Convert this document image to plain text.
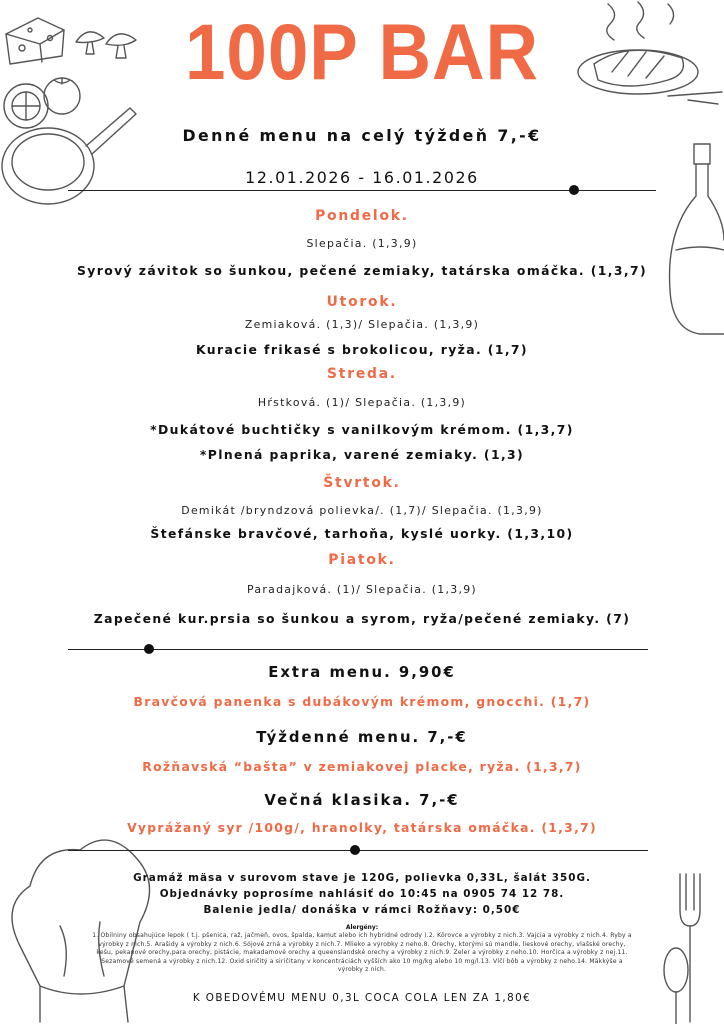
100P BAR
Denné menu na celý týždeň 7,-€
12.01.2026 - 16.01.2026
Pondelok.
Slepačia. (1,3,9)
Syrový závitok so šunkou, pečené zemiaky, tatárska omáčka. (1,3,7)
Utorok.
Zemiaková. (1,3)/ Slepačia. (1,3,9)
Kuracie frikasé s brokolicou, ryža. (1,7)
Streda.
Hŕstková. (1)/ Slepačia. (1,3,9)
*Dukátové buchtičky s vanilkovým krémom. (1,3,7)
*Plnená paprika, varené zemiaky. (1,3)
Štvrtok.
Demikát /bryndzová polievka/. (1,7)/ Slepačia. (1,3,9)
Štefánske bravčové, tarhoňa, kyslé uorky. (1,3,10)
Piatok.
Paradajková. (1)/ Slepačia. (1,3,9)
Zapečené kur.prsia so šunkou a syrom, ryža/pečené zemiaky. (7)
Extra menu. 9,90€
Bravčová panenka s dubákovým krémom, gnocchi. (1,7)
Týždenné menu. 7,-€
Rožňavská “bašta” v zemiakovej placke, ryža. (1,3,7)
Večná klasika. 7,-€
Vyprážaný syr /100g/, hranolky, tatárska omáčka. (1,3,7)
Gramáž mäsa v surovom stave je 120G, polievka 0,33L, šalát 350G.
Objednávky poprosíme nahlásiť do 10:45 na 0905 74 12 78.
Balenie jedla/ donáška v rámci Rožňavy: 0,50€
Alergény:
1. Obilniny obsahujúce lepok ( t.j. pšenica, raž, jačmeň, ovos, špalda, kamut alebo ich hybridné odrody ).2. Kôrovce a výrobky z nich.3. Vajcia a výrobky z nich.4. Ryby a výrobky z nich.5. Arašidy a výrobky z nich.6. Sójové zrná a výrobky z nich.7. Mlieko a výrobky z neho.8. Orechy, ktorými sú mandle, lieskové orechy, vlašské orechy, kešu, pekanové orechy,para orechy, pistácie, makadamové orechy a queenslandské orechy a výrobky z nich.9. Zeler a výrobky z neho.10. Horčica a výrobky z nej.11. Sezamové semená a výrobky z nich.12. Oxid siričitý a siričitany v koncentráciách vyšších ako 10 mg/kg alebo 10 mg/l.13. Vlčí bôb a výrobky z neho.14. Mäkkýše a výrobky z nich.
K OBEDOVÉMU MENU 0,3L COCA COLA LEN ZA 1,80€
